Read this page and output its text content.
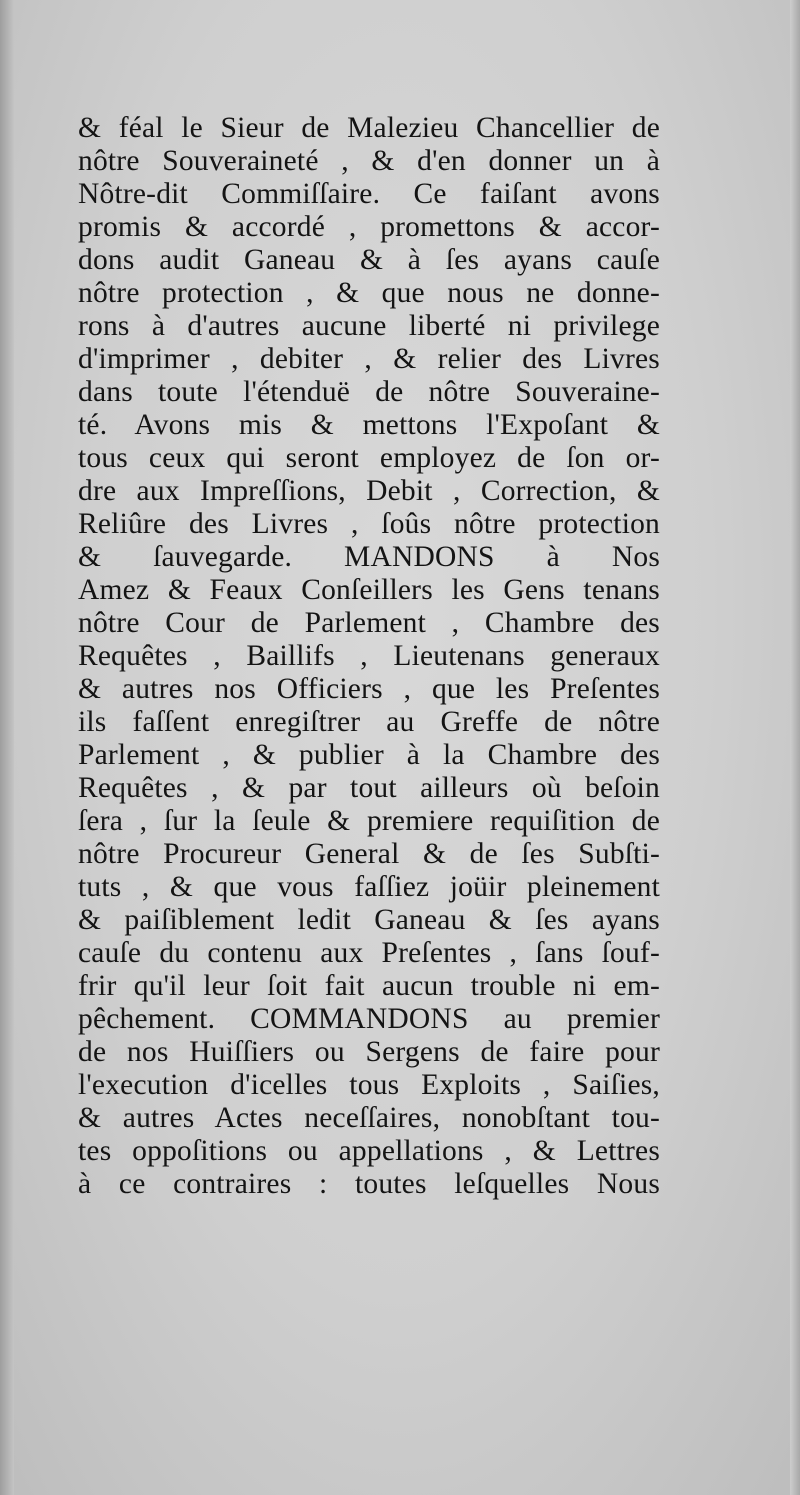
& féal le Sieur de Malezieu Chancellier de
nôtre Souveraineté , & d'en donner un à
Nôtre-dit Commiſſaire. Ce faiſant avons
promis & accordé , promettons & accor-
dons audit Ganeau & à ſes ayans cauſe
nôtre protection , & que nous ne donne-
rons à d'autres aucune liberté ni privilege
d'imprimer , debiter , & relier des Livres
dans toute l'étenduë de nôtre Souveraine-
té. Avons mis & mettons l'Expoſant &
tous ceux qui seront employez de ſon or-
dre aux Impreſſions, Debit , Correction, &
Reliûre des Livres , ſoûs nôtre protection
& ſauvegarde. MANDONS à Nos
Amez & Feaux Conſeillers les Gens tenans
nôtre Cour de Parlement , Chambre des
Requêtes , Baillifs , Lieutenans generaux
& autres nos Officiers , que les Preſentes
ils faſſent enregiſtrer au Greffe de nôtre
Parlement , & publier à la Chambre des
Requêtes , & par tout ailleurs où beſoin
ſera , ſur la ſeule & premiere requiſition de
nôtre Procureur General & de ſes Subſti-
tuts , & que vous faſſiez joüir pleinement
& paiſiblement ledit Ganeau & ſes ayans
cauſe du contenu aux Preſentes , ſans ſouf-
frir qu'il leur ſoit fait aucun trouble ni em-
pêchement. COMMANDONS au premier
de nos Huiſſiers ou Sergens de faire pour
l'execution d'icelles tous Exploits , Saiſies,
& autres Actes neceſſaires, nonobſtant tou-
tes oppoſitions ou appellations , & Lettres
à ce contraires : toutes leſquelles Nous
